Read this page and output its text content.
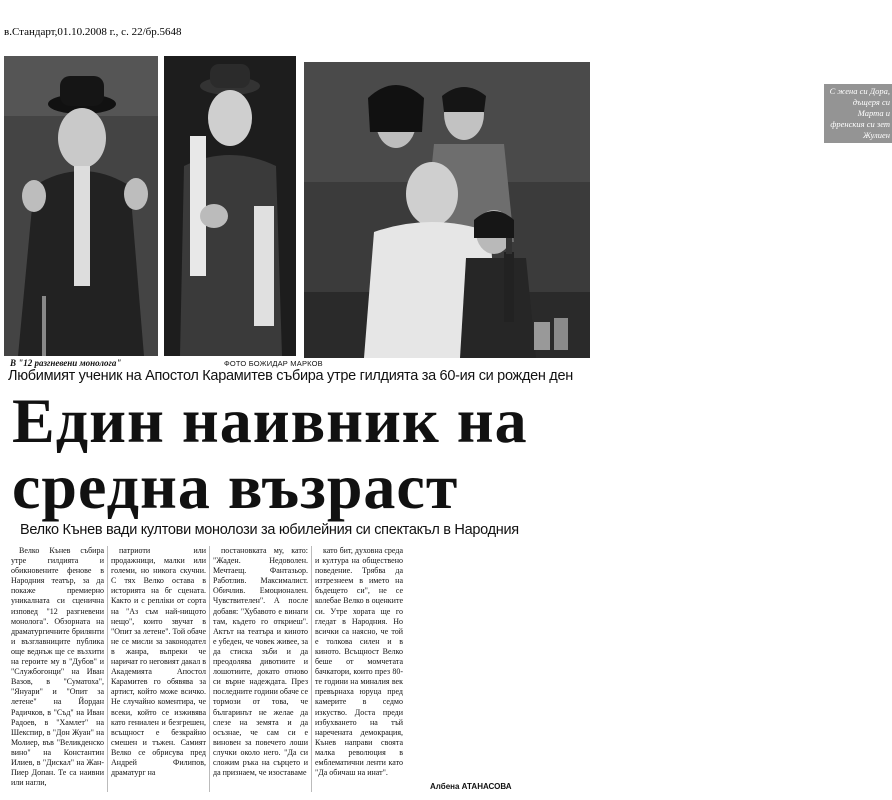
в.Стандарт,01.10.2008 г., с. 22/бр.5648
С жена си Дора, дъщеря си Марта и френския си зет Жулиен
В "12 разгневени монолога"	ФОТО БОЖИДАР МАРКОВ
Любимият ученик на Апостол Карамитев събира утре гилдията за 60-ия си рожден ден
Един наивник на средна възраст
Велко Кънев вади култови монолози за юбилейния си спектакъл в Народния

Велко Кънев събира утре гилдията и обикновените фенове в Народния театър, за да покаже премиерно уникалната си сценична изповед "12 разгневени монолога". Обзорната на драматургичните брилянти и възглавниците публика още веднъж ще се възхити на героите му в "Дубов" и "Службогонци" на Иван Вазов, в "Суматоха", "Януари" и "Опит за летене" на Йордан Радичков, в "Съд" на Иван Радоев, в "Хамлет" на Шекспир, в "Дон Жуан" на Молиер, във "Великденско вино" на Константин Илиев, в "Дискал" на Жан-Пиер Допан. Те са наивни или нагли,

патриоти или продажници, малки или големи, но никога скучни. С тях Велко остава в историята на бг сцената. Както и с репліки от сорта на "Аз съм най-нищото нещо", които звучат в "Опит за летене". Той обаче не се мисли за законодател в жанра, въпреки че наричат го неговият дакал в Академията Апостол Карамитев го обявява за артист, който може всичко. Не случайно коментира, че всеки, който се изживява като гениален и безгрешен, всъщност е безкрайно смешен и тъжен. Самият Велко се обрисува пред Андрей Филипов, драматург на

постановката му, като: "Жаден. Недоволен. Мечтаещ. Фантазьор. Работлив. Максималист. Обичлив. Емоционален. Чувствителен". А после добавя: "Хубавото е винаги там, където го откриеш". Актът на театъра и киното е убеден, че човек живее, за да стиска зъби и да преодолява дивотиите и лошотиите, докато отново си върне надеждата. През последните години обаче се тормози от това, че българинът не желае да слезе на земята и да осъзнае, че сам си е виновен за повечето лоши случки около него. "Да си сложим ръка на сърцето и да признаем, че изоставаме

като бит, духовна среда и култура на обществено поведение. Трябва да изтрезнеем в името на бъдещето си", не се колебае Велко в оценките си. Утре хората ще го гледат в Народния. Но всички са наясно, че той е толкова силен и в киното. Всъщност Велко беше от момчетата бачкатори, които през 80-те години на миналия век превърнаха юруца пред камерите в седмо изкуство. Доста преди избухването на тъй наречената демокрация, Кънев направи своята малка революция в емблематични ленти като "Да обичаш на инат".

Албена АТАНАСОВА
